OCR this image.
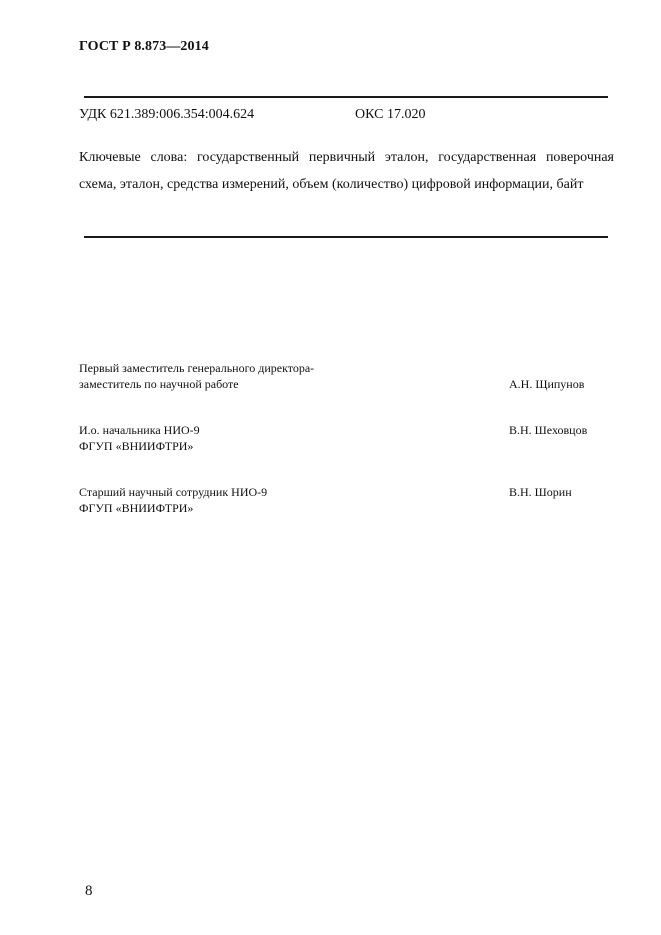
ГОСТ Р 8.873—2014
УДК 621.389:006.354:004.624	ОКС 17.020

Ключевые слова: государственный первичный эталон, государственная поверочная схема, эталон, средства измерений, объем (количество) цифровой информации, байт

Первый заместитель генерального директора-
заместитель по научной работе	А.Н. Щипунов
И.о. начальника НИО-9
ФГУП «ВНИИФТРИ»
В.Н. Шеховцов
Старший научный сотрудник НИО-9
ФГУП «ВНИИФТРИ»
В.Н. Шорин
8
